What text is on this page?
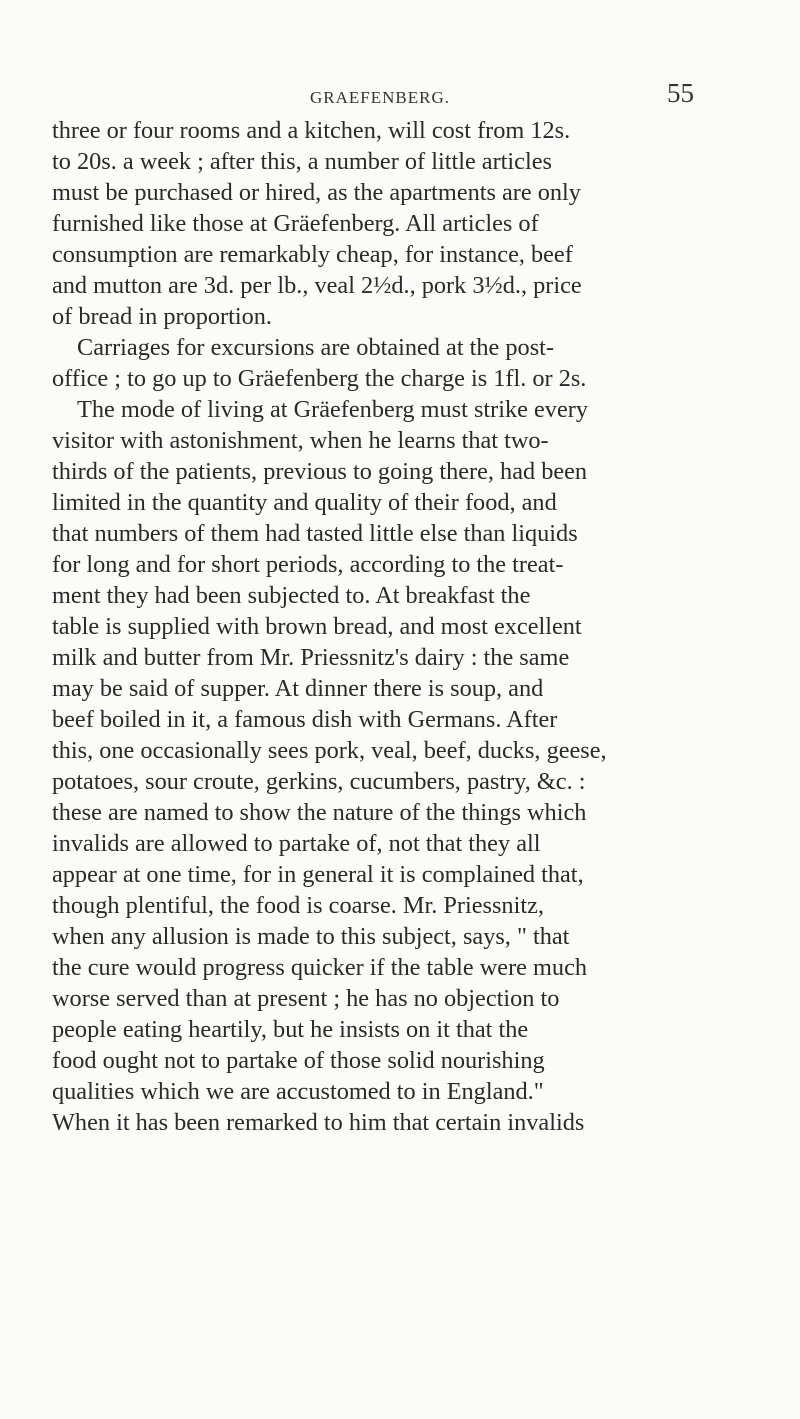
GRAEFENBERG.	55
three or four rooms and a kitchen, will cost from 12s.
to 20s. a week ; after this, a number of little articles
must be purchased or hired, as the apartments are only
furnished like those at Gräefenberg. All articles of
consumption are remarkably cheap, for instance, beef
and mutton are 3d. per lb., veal 2½d., pork 3½d., price
of bread in proportion.
Carriages for excursions are obtained at the post-
office ; to go up to Gräefenberg the charge is 1fl. or 2s.
The mode of living at Gräefenberg must strike every
visitor with astonishment, when he learns that two-
thirds of the patients, previous to going there, had been
limited in the quantity and quality of their food, and
that numbers of them had tasted little else than liquids
for long and for short periods, according to the treat-
ment they had been subjected to. At breakfast the
table is supplied with brown bread, and most excellent
milk and butter from Mr. Priessnitz's dairy : the same
may be said of supper. At dinner there is soup, and
beef boiled in it, a famous dish with Germans. After
this, one occasionally sees pork, veal, beef, ducks, geese,
potatoes, sour croute, gerkins, cucumbers, pastry, &c. :
these are named to show the nature of the things which
invalids are allowed to partake of, not that they all
appear at one time, for in general it is complained that,
though plentiful, the food is coarse. Mr. Priessnitz,
when any allusion is made to this subject, says, " that
the cure would progress quicker if the table were much
worse served than at present ; he has no objection to
people eating heartily, but he insists on it that the
food ought not to partake of those solid nourishing
qualities which we are accustomed to in England."
When it has been remarked to him that certain invalids
